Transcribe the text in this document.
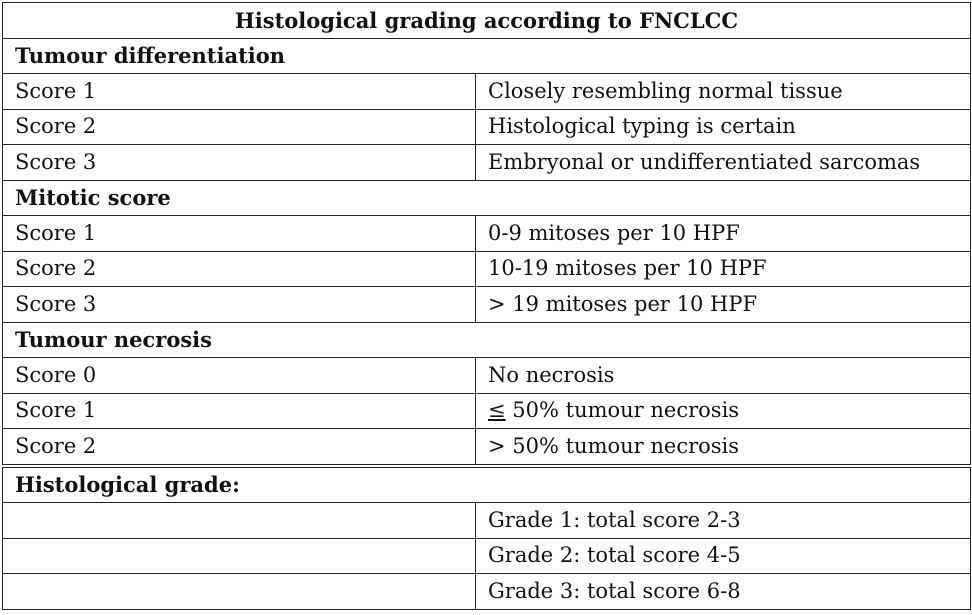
Histological grading according to FNCLCC	
Tumour differentiation	
Score 1	Closely resembling normal tissue
Score 2	Histological typing is certain
Score 3	Embryonal or undifferentiated sarcomas
Mitotic score	
Score 1	0-9 mitoses per 10 HPF
Score 2	10-19 mitoses per 10 HPF
Score 3	> 19 mitoses per 10 HPF
Tumour necrosis	
Score 0	No necrosis
Score 1	≤ 50% tumour necrosis
Score 2	> 50% tumour necrosis
Histological grade:	
	Grade 1: total score 2-3
	Grade 2: total score 4-5
	Grade 3: total score 6-8
